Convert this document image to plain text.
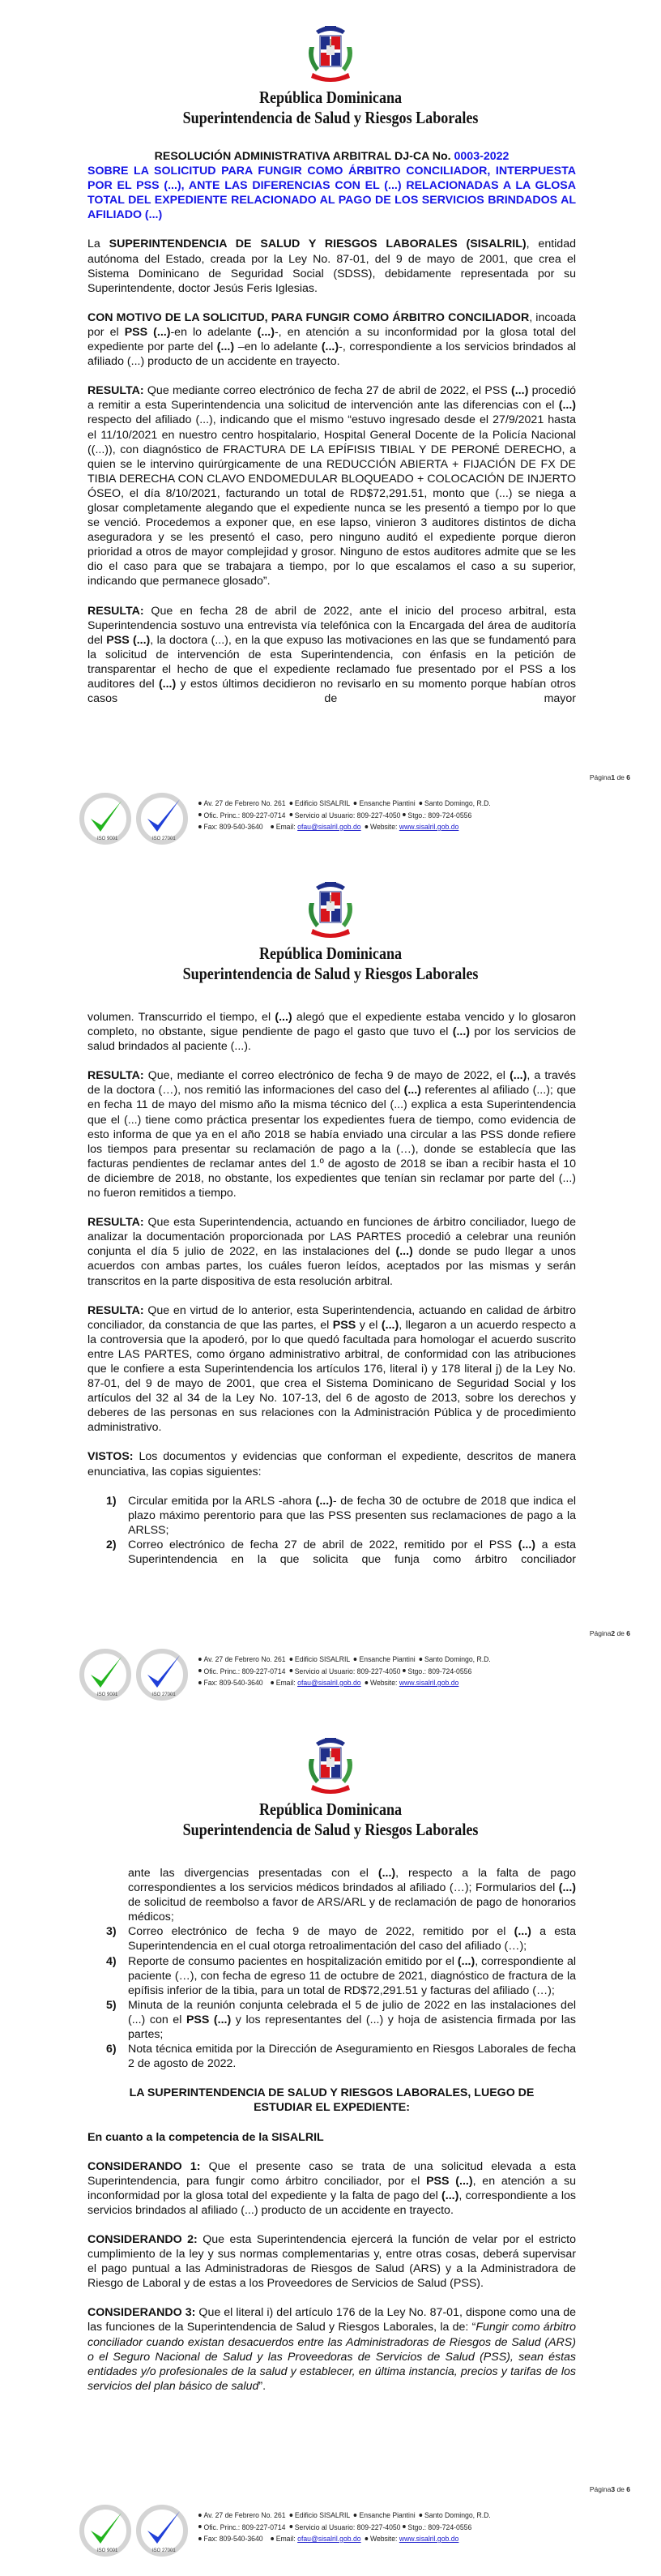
República Dominicana
Superintendencia de Salud y Riesgos Laborales
RESOLUCIÓN ADMINISTRATIVA ARBITRAL DJ-CA No. 0003-2022

SOBRE LA SOLICITUD PARA FUNGIR COMO ÁRBITRO CONCILIADOR, INTERPUESTA POR EL PSS (...), ANTE LAS DIFERENCIAS CON EL (...) RELACIONADAS A LA GLOSA TOTAL DEL EXPEDIENTE RELACIONADO AL PAGO DE LOS SERVICIOS BRINDADOS AL AFILIADO (...)

La SUPERINTENDENCIA DE SALUD Y RIESGOS LABORALES (SISALRIL), entidad autónoma del Estado, creada por la Ley No. 87-01, del 9 de mayo de 2001, que crea el Sistema Dominicano de Seguridad Social (SDSS), debidamente representada por su Superintendente, doctor Jesús Feris Iglesias.

CON MOTIVO DE LA SOLICITUD, PARA FUNGIR COMO ÁRBITRO CONCILIADOR, incoada por el PSS (...)-en lo adelante (...)-, en atención a su inconformidad por la glosa total del expediente por parte del (...) –en lo adelante (...)-, correspondiente a los servicios brindados al afiliado (...) producto de un accidente en trayecto.

RESULTA: Que mediante correo electrónico de fecha 27 de abril de 2022, el PSS (...) procedió a remitir a esta Superintendencia una solicitud de intervención ante las diferencias con el (...) respecto del afiliado (...), indicando que el mismo “estuvo ingresado desde el 27/9/2021 hasta el 11/10/2021 en nuestro centro hospitalario, Hospital General Docente de la Policía Nacional ((...)), con diagnóstico de FRACTURA DE LA EPÍFISIS TIBIAL Y DE PERONÉ DERECHO, a quien se le intervino quirúrgicamente de una REDUCCIÓN ABIERTA + FIJACIÓN DE FX DE TIBIA DERECHA CON CLAVO ENDOMEDULAR BLOQUEADO + COLOCACIÓN DE INJERTO ÓSEO, el día 8/10/2021, facturando un total de RD$72,291.51, monto que (...) se niega a glosar completamente alegando que el expediente nunca se les presentó a tiempo por lo que se venció. Procedemos a exponer que, en ese lapso, vinieron 3 auditores distintos de dicha aseguradora y se les presentó el caso, pero ninguno auditó el expediente porque dieron prioridad a otros de mayor complejidad y grosor. Ninguno de estos auditores admite que se les dio el caso para que se trabajara a tiempo, por lo que escalamos el caso a su superior, indicando que permanece glosado”.

RESULTA: Que en fecha 28 de abril de 2022, ante el inicio del proceso arbitral, esta Superintendencia sostuvo una entrevista vía telefónica con la Encargada del área de auditoría del PSS (...), la doctora (...), en la que expuso las motivaciones en las que se fundamentó para la solicitud de intervención de esta Superintendencia, con énfasis en la petición de transparentar el hecho de que el expediente reclamado fue presentado por el PSS a los auditores del (...) y estos últimos decidieron no revisarlo en su momento porque habían otros casos de mayor

Página1 de 6
ISO 9001	ISO 27001
Av. 27 de Febrero No. 261 Edificio SISALRIL Ensanche Piantini Santo Domingo, R.D.
Ofic. Princ.: 809-227-0714 Servicio al Usuario: 809-227-4050 Stgo.: 809-724-0556
Fax: 809-540-3640 Email: ofau@sisalril.gob.do Website: www.sisalril.gob.do
República Dominicana
Superintendencia de Salud y Riesgos Laborales

volumen. Transcurrido el tiempo, el (...) alegó que el expediente estaba vencido y lo glosaron completo, no obstante, sigue pendiente de pago el gasto que tuvo el (...) por los servicios de salud brindados al paciente (...).

RESULTA: Que, mediante el correo electrónico de fecha 9 de mayo de 2022, el (...), a través de la doctora (…), nos remitió las informaciones del caso del (...) referentes al afiliado (...); que en fecha 11 de mayo del mismo año la misma técnico del (...) explica a esta Superintendencia que el (...) tiene como práctica presentar los expedientes fuera de tiempo, como evidencia de esto informa de que ya en el año 2018 se había enviado una circular a las PSS donde refiere los tiempos para presentar su reclamación de pago a la (…), donde se establecía que las facturas pendientes de reclamar antes del 1.º de agosto de 2018 se iban a recibir hasta el 10 de diciembre de 2018, no obstante, los expedientes que tenían sin reclamar por parte del (...) no fueron remitidos a tiempo.

RESULTA: Que esta Superintendencia, actuando en funciones de árbitro conciliador, luego de analizar la documentación proporcionada por LAS PARTES procedió a celebrar una reunión conjunta el día 5 julio de 2022, en las instalaciones del (...) donde se pudo llegar a unos acuerdos con ambas partes, los cuáles fueron leídos, aceptados por las mismas y serán transcritos en la parte dispositiva de esta resolución arbitral.

RESULTA: Que en virtud de lo anterior, esta Superintendencia, actuando en calidad de árbitro conciliador, da constancia de que las partes, el PSS y el (...), llegaron a un acuerdo respecto a la controversia que la apoderó, por lo que quedó facultada para homologar el acuerdo suscrito entre LAS PARTES, como órgano administrativo arbitral, de conformidad con las atribuciones que le confiere a esta Superintendencia los artículos 176, literal i) y 178 literal j) de la Ley No. 87-01, del 9 de mayo de 2001, que crea el Sistema Dominicano de Seguridad Social y los artículos del 32 al 34 de la Ley No. 107-13, del 6 de agosto de 2013, sobre los derechos y deberes de las personas en sus relaciones con la Administración Pública y de procedimiento administrativo.

VISTOS: Los documentos y evidencias que conforman el expediente, descritos de manera enunciativa, las copias siguientes:

1) Circular emitida por la ARLS -ahora (...)- de fecha 30 de octubre de 2018 que indica el plazo máximo perentorio para que las PSS presenten sus reclamaciones de pago a la ARLSS;
2) Correo electrónico de fecha 27 de abril de 2022, remitido por el PSS (...) a esta Superintendencia en la que solicita que funja como árbitro conciliador
Página2 de 6
ISO 9001	ISO 27001
Av. 27 de Febrero No. 261 Edificio SISALRIL Ensanche Piantini Santo Domingo, R.D.
Ofic. Princ.: 809-227-0714 Servicio al Usuario: 809-227-4050 Stgo.: 809-724-0556
Fax: 809-540-3640 Email: ofau@sisalril.gob.do Website: www.sisalril.gob.do
República Dominicana
Superintendencia de Salud y Riesgos Laborales
ante las divergencias presentadas con el (...), respecto a la falta de pago correspondientes a los servicios médicos brindados al afiliado (…); Formularios del (...) de solicitud de reembolso a favor de ARS/ARL y de reclamación de pago de honorarios médicos;
3) Correo electrónico de fecha 9 de mayo de 2022, remitido por el (...) a esta Superintendencia en el cual otorga retroalimentación del caso del afiliado (…);
4) Reporte de consumo pacientes en hospitalización emitido por el (...), correspondiente al paciente (…), con fecha de egreso 11 de octubre de 2021, diagnóstico de fractura de la epífisis inferior de la tibia, para un total de RD$72,291.51 y facturas del afiliado (…);
5) Minuta de la reunión conjunta celebrada el 5 de julio de 2022 en las instalaciones del (...) con el PSS (...) y los representantes del (...) y hoja de asistencia firmada por las partes;
6) Nota técnica emitida por la Dirección de Aseguramiento en Riesgos Laborales de fecha 2 de agosto de 2022.

LA SUPERINTENDENCIA DE SALUD Y RIESGOS LABORALES, LUEGO DE ESTUDIAR EL EXPEDIENTE:

En cuanto a la competencia de la SISALRIL

CONSIDERANDO 1: Que el presente caso se trata de una solicitud elevada a esta Superintendencia, para fungir como árbitro conciliador, por el PSS (...), en atención a su inconformidad por la glosa total del expediente y la falta de pago del (...), correspondiente a los servicios brindados al afiliado (...) producto de un accidente en trayecto.

CONSIDERANDO 2: Que esta Superintendencia ejercerá la función de velar por el estricto cumplimiento de la ley y sus normas complementarias y, entre otras cosas, deberá supervisar el pago puntual a las Administradoras de Riesgos de Salud (ARS) y a la Administradora de Riesgo de Laboral y de estas a los Proveedores de Servicios de Salud (PSS).

CONSIDERANDO 3: Que el literal i) del artículo 176 de la Ley No. 87-01, dispone como una de las funciones de la Superintendencia de Salud y Riesgos Laborales, la de: “Fungir como árbitro conciliador cuando existan desacuerdos entre las Administradoras de Riesgos de Salud (ARS) o el Seguro Nacional de Salud y las Proveedoras de Servicios de Salud (PSS), sean éstas entidades y/o profesionales de la salud y establecer, en última instancia, precios y tarifas de los servicios del plan básico de salud”.

Página3 de 6
ISO 9001	ISO 27001
Av. 27 de Febrero No. 261 Edificio SISALRIL Ensanche Piantini Santo Domingo, R.D.
Ofic. Princ.: 809-227-0714 Servicio al Usuario: 809-227-4050 Stgo.: 809-724-0556
Fax: 809-540-3640 Email: ofau@sisalril.gob.do Website: www.sisalril.gob.do
